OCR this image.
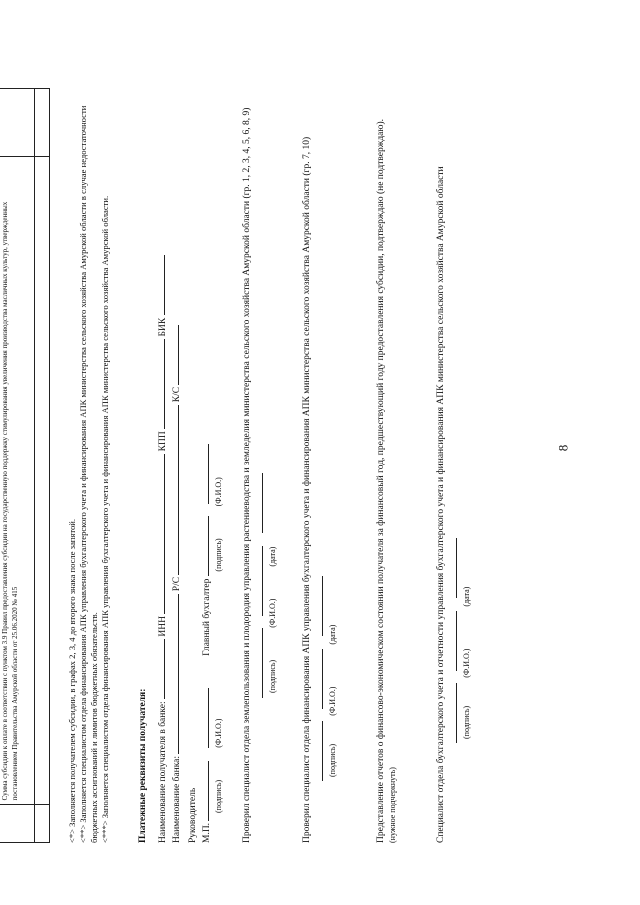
8

	Сумма субсидии к оплате в соответствии с пунктом 3.9 Правил предоставления субсидии на государственную поддержку стимулирования увеличения производства масличных культур, утвержденных постановлением Правительства Амурской области от 25.06.2020 № 415										
			<*> Заполняется получателем субсидии, в графах 2, 3, 4 до второго знака после запятой. <**> Заполняется специалистом отдела финансирования АПК управления бухгалтерского учета и финансирования АПК министерства сельского хозяйства Амурской области в случае недостаточности бюджетных ассигнований и лимитов бюджетных обязательств. <***> Заполняется специалистом отдела финансирования АПК управления бухгалтерского учета и финансирования АПК министерства сельского хозяйства Амурской области.	Платежные реквизиты получателя:	Наименование получателя в банке:  ИНН  КПП  БИК

Наименование банка:  Р/С  К/С

Руководитель М.П.   Главный бухгалтер

(подпись) (Ф.И.О.) (подпись) (Ф.И.О.) Проверил специалист отдела землепользования и плодородия управления растениеводства и земледелия министерства сельского хозяйства Амурской области (гр. 1, 2, 3, 4, 5, 6, 8, 9)

(подпись) (Ф.И.О.) (дата)	Проверил специалист отдела финансирования АПК управления бухгалтерского учета и финансирования АПК министерства сельского хозяйства Амурской области (гр. 7, 10)

(подпись) (Ф.И.О.) (дата)	Представление отчетов о финансово-экономическом состоянии получателя за финансовый год, предшествующий году предоставления субсидии, подтверждаю (не подтверждаю). (нужное подчеркнуть)	Специалист отдела бухгалтерского учета и отчетности управления бухгалтерского учета и финансирования АПК министерства сельского хозяйства Амурской области

(подпись) (Ф.И.О.) (дата)
